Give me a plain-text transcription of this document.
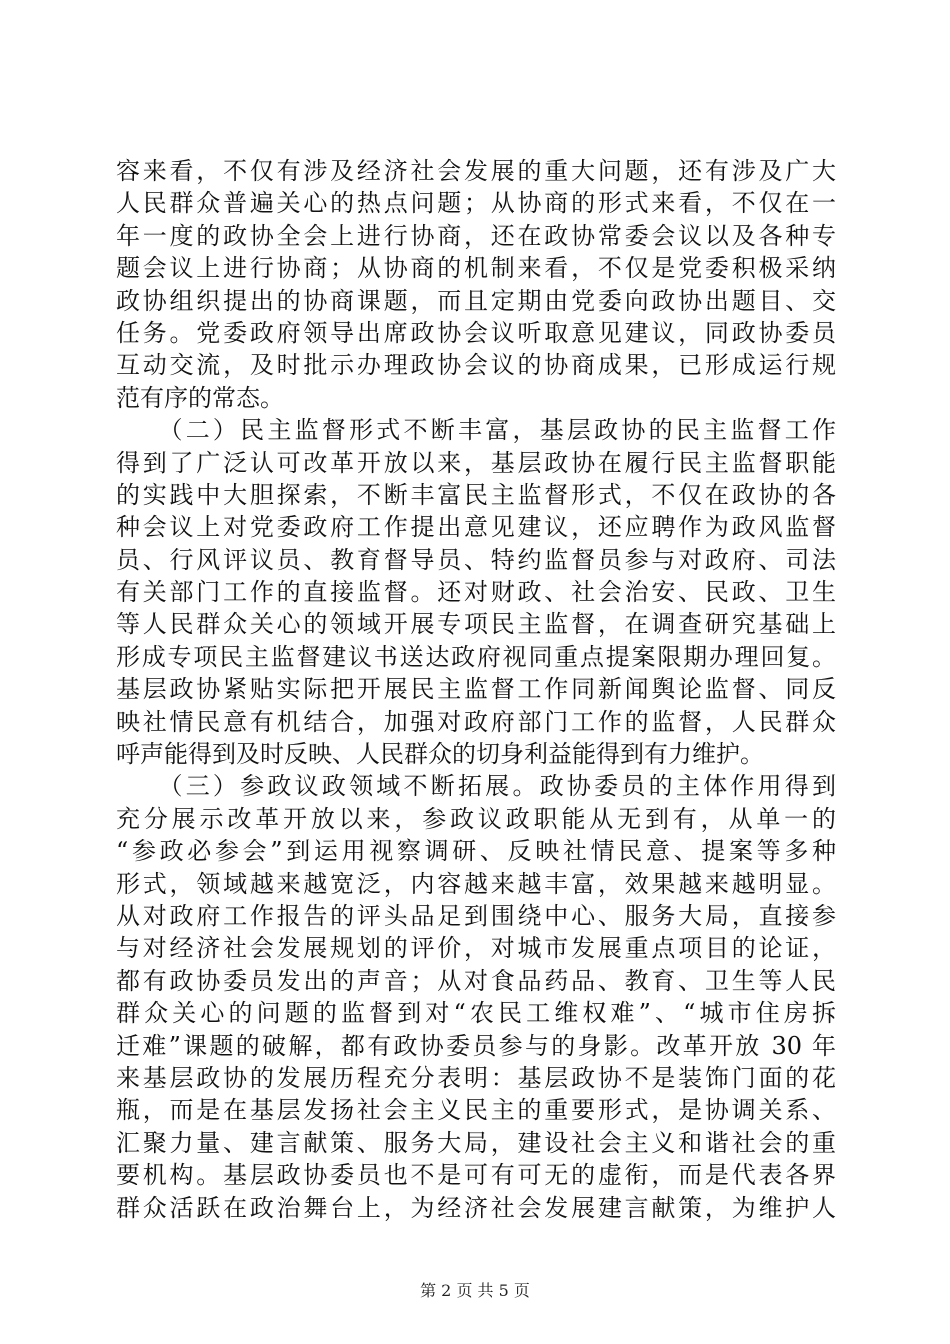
容来看，不仅有涉及经济社会发展的重大问题，还有涉及广大
人民群众普遍关心的热点问题；从协商的形式来看，不仅在一
年一度的政协全会上进行协商，还在政协常委会议以及各种专
题会议上进行协商；从协商的机制来看，不仅是党委积极采纳
政协组织提出的协商课题，而且定期由党委向政协出题目、交
任务。党委政府领导出席政协会议听取意见建议，同政协委员
互动交流，及时批示办理政协会议的协商成果，已形成运行规
范有序的常态。
　　（二）民主监督形式不断丰富，基层政协的民主监督工作
得到了广泛认可改革开放以来，基层政协在履行民主监督职能
的实践中大胆探索，不断丰富民主监督形式，不仅在政协的各
种会议上对党委政府工作提出意见建议，还应聘作为政风监督
员、行风评议员、教育督导员、特约监督员参与对政府、司法
有关部门工作的直接监督。还对财政、社会治安、民政、卫生
等人民群众关心的领域开展专项民主监督，在调查研究基础上
形成专项民主监督建议书送达政府视同重点提案限期办理回复。
基层政协紧贴实际把开展民主监督工作同新闻舆论监督、同反
映社情民意有机结合，加强对政府部门工作的监督，人民群众
呼声能得到及时反映、人民群众的切身利益能得到有力维护。
　　（三）参政议政领域不断拓展。政协委员的主体作用得到
充分展示改革开放以来，参政议政职能从无到有，从单一的
“参政必参会”到运用视察调研、反映社情民意、提案等多种
形式，领域越来越宽泛，内容越来越丰富，效果越来越明显。
从对政府工作报告的评头品足到围绕中心、服务大局，直接参
与对经济社会发展规划的评价，对城市发展重点项目的论证，
都有政协委员发出的声音；从对食品药品、教育、卫生等人民
群众关心的问题的监督到对“农民工维权难”、“城市住房拆
迁难”课题的破解，都有政协委员参与的身影。改革开放 30 年
来基层政协的发展历程充分表明：基层政协不是装饰门面的花
瓶，而是在基层发扬社会主义民主的重要形式，是协调关系、
汇聚力量、建言献策、服务大局，建设社会主义和谐社会的重
要机构。基层政协委员也不是可有可无的虚衔，而是代表各界
群众活跃在政治舞台上，为经济社会发展建言献策，为维护人
第 2 页 共 5 页
